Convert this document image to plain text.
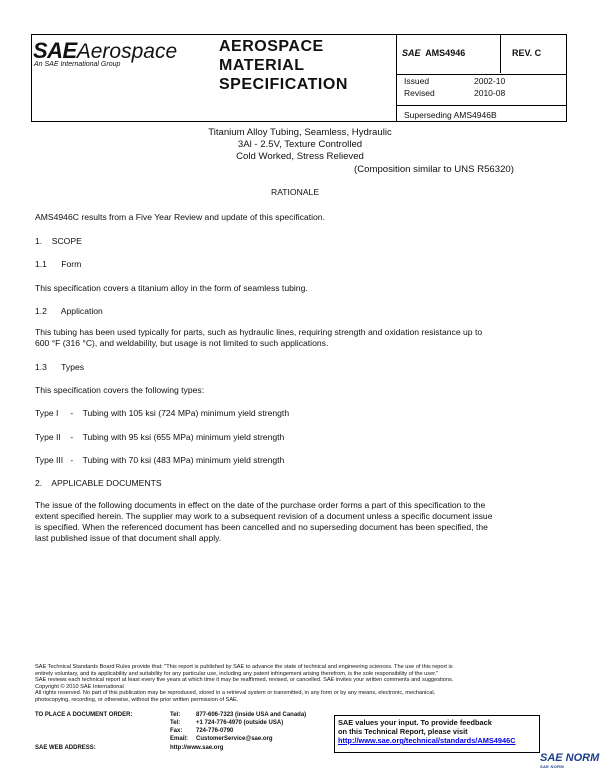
SAEAerospace
An SAE International Group
AEROSPACE
MATERIAL
SPECIFICATION
SAE AMS4946	REV. C
Issued	2002-10
Revised	2010-08
Superseding AMS4946B
Titanium Alloy Tubing, Seamless, Hydraulic
3Al - 2.5V, Texture Controlled
Cold Worked, Stress Relieved
(Composition similar to UNS R56320)
RATIONALE
AMS4946C results from a Five Year Review and update of this specification.
1.    SCOPE
1.1      Form
This specification covers a titanium alloy in the form of seamless tubing.
1.2      Application
This tubing has been used typically for parts, such as hydraulic lines, requiring strength and oxidation resistance up to
600 °F (316 °C), and weldability, but usage is not limited to such applications.
1.3      Types
This specification covers the following types:
Type I     -    Tubing with 105 ksi (724 MPa) minimum yield strength
Type II    -    Tubing with 95 ksi (655 MPa) minimum yield strength
Type III   -    Tubing with 70 ksi (483 MPa) minimum yield strength
2.    APPLICABLE DOCUMENTS
The issue of the following documents in effect on the date of the purchase order forms a part of this specification to the
extent specified herein. The supplier may work to a subsequent revision of a document unless a specific document issue
is specified. When the referenced document has been cancelled and no superseding document has been specified, the
last published issue of that document shall apply.
SAE Technical Standards Board Rules provide that: "This report is published by SAE to advance the state of technical and engineering sciences. The use of this report is
entirely voluntary, and its applicability and suitability for any particular use, including any patent infringement arising therefrom, is the sole responsibility of the user."
SAE reviews each technical report at least every five years at which time it may be reaffirmed, revised, or cancelled. SAE invites your written comments and suggestions.
Copyright © 2010 SAE International
All rights reserved. No part of this publication may be reproduced, stored in a retrieval system or transmitted, in any form or by any means, electronic, mechanical,
photocopying, recording, or otherwise, without the prior written permission of SAE.
TO PLACE A DOCUMENT ORDER:	Tel:	877-606-7323 (inside USA and Canada)
Tel:	+1 724-776-4970 (outside USA)
Fax: 724-776-0790
Email: CustomerService@sae.org
SAE WEB ADDRESS:	http://www.sae.org
SAE values your input. To provide feedback
on this Technical Report, please visit
http://www.sae.org/technical/standards/AMS4946C
SAE NORM
SAE NORM
